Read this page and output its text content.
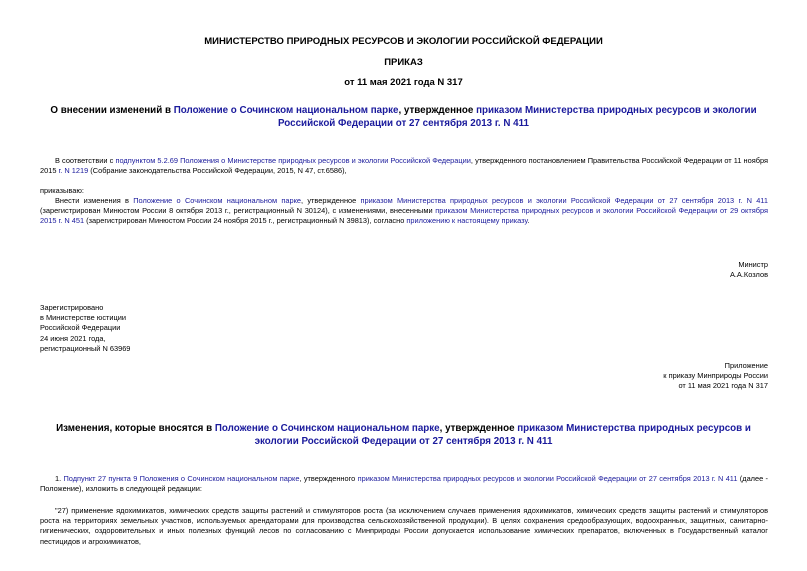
МИНИСТЕРСТВО ПРИРОДНЫХ РЕСУРСОВ И ЭКОЛОГИИ РОССИЙСКОЙ ФЕДЕРАЦИИ
ПРИКАЗ
от 11 мая 2021 года N 317
О внесении изменений в Положение о Сочинском национальном парке, утвержденное приказом Министерства природных ресурсов и экологии Российской Федерации от 27 сентября 2013 г. N 411
В соответствии с подпунктом 5.2.69 Положения о Министерстве природных ресурсов и экологии Российской Федерации, утвержденного постановлением Правительства Российской Федерации от 11 ноября 2015 г. N 1219 (Собрание законодательства Российской Федерации, 2015, N 47, ст.6586),
приказываю:
Внести изменения в Положение о Сочинском национальном парке, утвержденное приказом Министерства природных ресурсов и экологии Российской Федерации от 27 сентября 2013 г. N 411 (зарегистрирован Минюстом России 8 октября 2013 г., регистрационный N 30124), с изменениями, внесенными приказом Министерства природных ресурсов и экологии Российской Федерации от 29 октября 2015 г. N 451 (зарегистрирован Минюстом России 24 ноября 2015 г., регистрационный N 39813), согласно приложению к настоящему приказу.
Министр
А.А.Козлов
Зарегистрировано
в Министерстве юстиции
Российской Федерации
24 июня 2021 года,
регистрационный N 63969
Приложение
к приказу Минприроды России
от 11 мая 2021 года N 317
Изменения, которые вносятся в Положение о Сочинском национальном парке, утвержденное приказом Министерства природных ресурсов и экологии Российской Федерации от 27 сентября 2013 г. N 411
1. Подпункт 27 пункта 9 Положения о Сочинском национальном парке, утвержденного приказом Министерства природных ресурсов и экологии Российской Федерации от 27 сентября 2013 г. N 411 (далее - Положение), изложить в следующей редакции:
"27) применение ядохимикатов, химических средств защиты растений и стимуляторов роста (за исключением случаев применения ядохимикатов, химических средств защиты растений и стимуляторов роста на территориях земельных участков, используемых арендаторами для производства сельскохозяйственной продукции). В целях сохранения средообразующих, водоохранных, защитных, санитарно-гигиенических, оздоровительных и иных полезных функций лесов по согласованию с Минприроды России допускается использование химических препаратов, включенных в Государственный каталог пестицидов и агрохимикатов,
